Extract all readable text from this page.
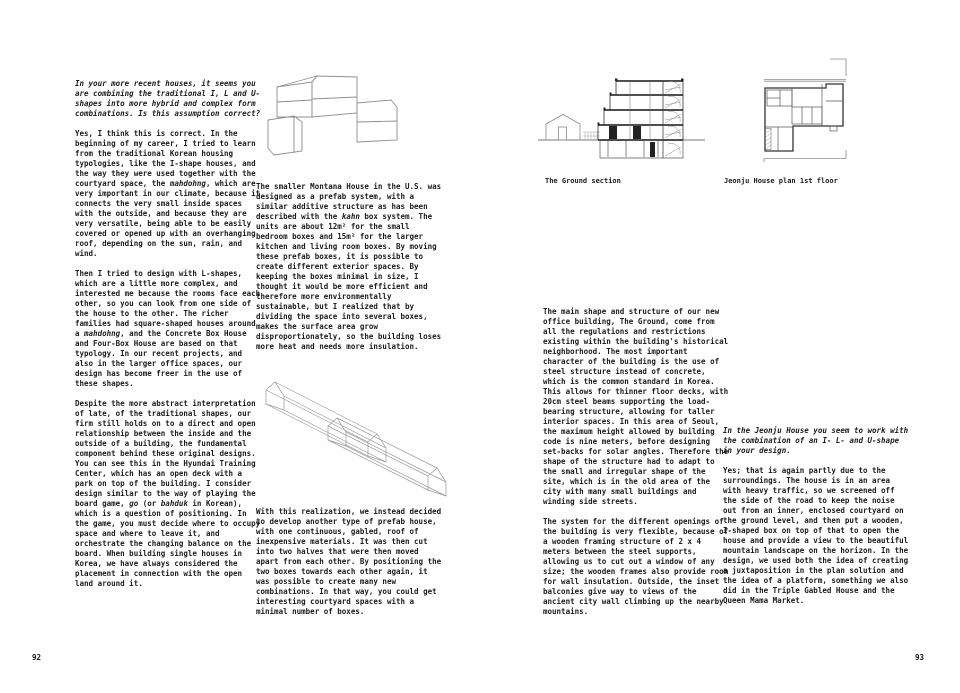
In your more recent houses, it seems you are combining the traditional I, L and U-shapes into more hybrid and complex form combinations. Is this assumption correct?

Yes, I think this is correct. In the beginning of my career, I tried to learn from the traditional Korean housing typologies, like the I-shape houses, and the way they were used together with the courtyard space, the mahdohng, which are very important in our climate, because it connects the very small inside spaces with the outside, and because they are very versatile, being able to be easily covered or opened up with an overhanging roof, depending on the sun, rain, and wind.

Then I tried to design with L-shapes, which are a little more complex, and interested me because the rooms face each other, so you can look from one side of the house to the other. The richer families had square-shaped houses around a mahdohng, and the Concrete Box House and Four-Box House are based on that typology. In our recent projects, and also in the larger office spaces, our design has become freer in the use of these shapes.

Despite the more abstract interpretation of late, of the traditional shapes, our firm still holds on to a direct and open relationship between the inside and the outside of a building, the fundamental component behind these original designs. You can see this in the Hyundai Training Center, which has an open deck with a park on top of the building. I consider design similar to the way of playing the board game, go (or bahduk in Korean), which is a question of positioning. In the game, you must decide where to occupy space and where to leave it, and orchestrate the changing balance on the board. When building single houses in Korea, we have always considered the placement in connection with the open land around it.

The smaller Montana House in the U.S. was designed as a prefab system, with a similar additive structure as has been described with the kahn box system. The units are about 12m² for the small bedroom boxes and 15m² for the larger kitchen and living room boxes. By moving these prefab boxes, it is possible to create different exterior spaces. By keeping the boxes minimal in size, I thought it would be more efficient and therefore more environmentally sustainable, but I realized that by dividing the space into several boxes, makes the surface area grow disproportionately, so the building loses more heat and needs more insulation.

With this realization, we instead decided to develop another type of prefab house, with one continuous, gabled, roof of inexpensive materials. It was then cut into two halves that were then moved apart from each other. By positioning the two boxes towards each other again, it was possible to create many new combinations. In that way, you could get interesting courtyard spaces with a minimal number of boxes.

92
The Ground section	Jeonju House plan 1st floor

The main shape and structure of our new office building, The Ground, come from all the regulations and restrictions existing within the building's historical neighborhood. The most important character of the building is the use of steel structure instead of concrete, which is the common standard in Korea. This allows for thinner floor decks, with 20cm steel beams supporting the load-bearing structure, allowing for taller interior spaces. In this area of Seoul, the maximum height allowed by building code is nine meters, before designing set-backs for solar angles. Therefore the shape of the structure had to adapt to the small and irregular shape of the site, which is in the old area of the city with many small buildings and winding side streets.

The system for the different openings of the building is very flexible, because of a wooden framing structure of 2 x 4 meters between the steel supports, allowing us to cut out a window of any size; the wooden frames also provide room for wall insulation. Outside, the inset balconies give way to views of the ancient city wall climbing up the nearby mountains.

In the Jeonju House you seem to work with the combination of an I- L- and U-shape in your design.

Yes; that is again partly due to the surroundings. The house is in an area with heavy traffic, so we screened off the side of the road to keep the noise out from an inner, enclosed courtyard on the ground level, and then put a wooden, I-shaped box on top of that to open the house and provide a view to the beautiful mountain landscape on the horizon. In the design, we used both the idea of creating a juxtaposition in the plan solution and the idea of a platform, something we also did in the Triple Gabled House and the Queen Mama Market.

93
